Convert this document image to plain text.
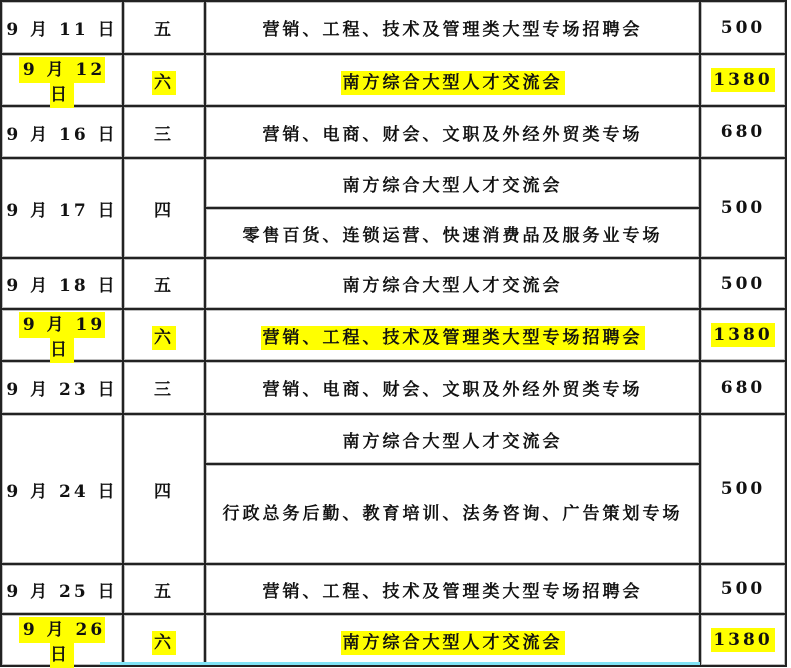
9 月 11 日	五	营销、工程、技术及管理类大型专场招聘会	500
9 月 12 日	六	南方综合大型人才交流会	1380
9 月 16 日	三	营销、电商、财会、文职及外经外贸类专场	680
9 月 17 日	四	南方综合大型人才交流会	500
		零售百货、连锁运营、快速消费品及服务业专场	
9 月 18 日	五	南方综合大型人才交流会	500
9 月 19 日	六	营销、工程、技术及管理类大型专场招聘会	1380
9 月 23 日	三	营销、电商、财会、文职及外经外贸类专场	680
9 月 24 日	四	南方综合大型人才交流会	500
		行政总务后勤、教育培训、法务咨询、广告策划专场	
9 月 25 日	五	营销、工程、技术及管理类大型专场招聘会	500
9 月 26 日	六	南方综合大型人才交流会	1380
